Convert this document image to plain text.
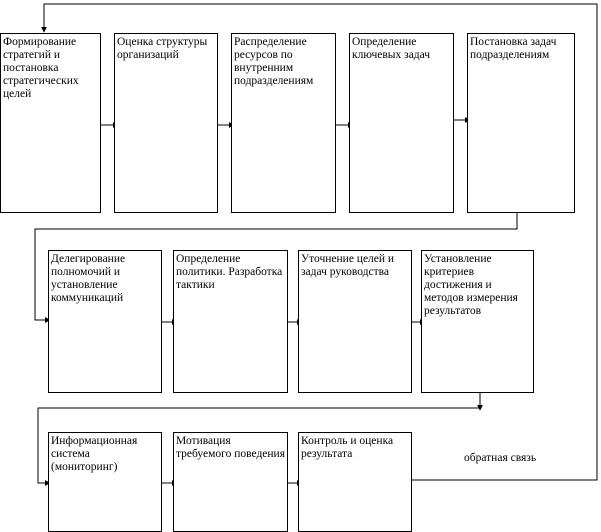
Формирование стратегий и постановка стратегических целей
Оценка структуры организаций
Распределение ресурсов по внутренним подразделениям
Определение ключевых задач
Постановка задач подразделениям
Делегирование полномочий и установление коммуникаций
Определение политики. Разработка тактики
Уточнение целей и задач руководства
Установление критериев достижения и методов измерения результатов
Информационная система (мониторинг)
Мотивация требуемого поведения
Контроль и оценка результата	обратная связь
